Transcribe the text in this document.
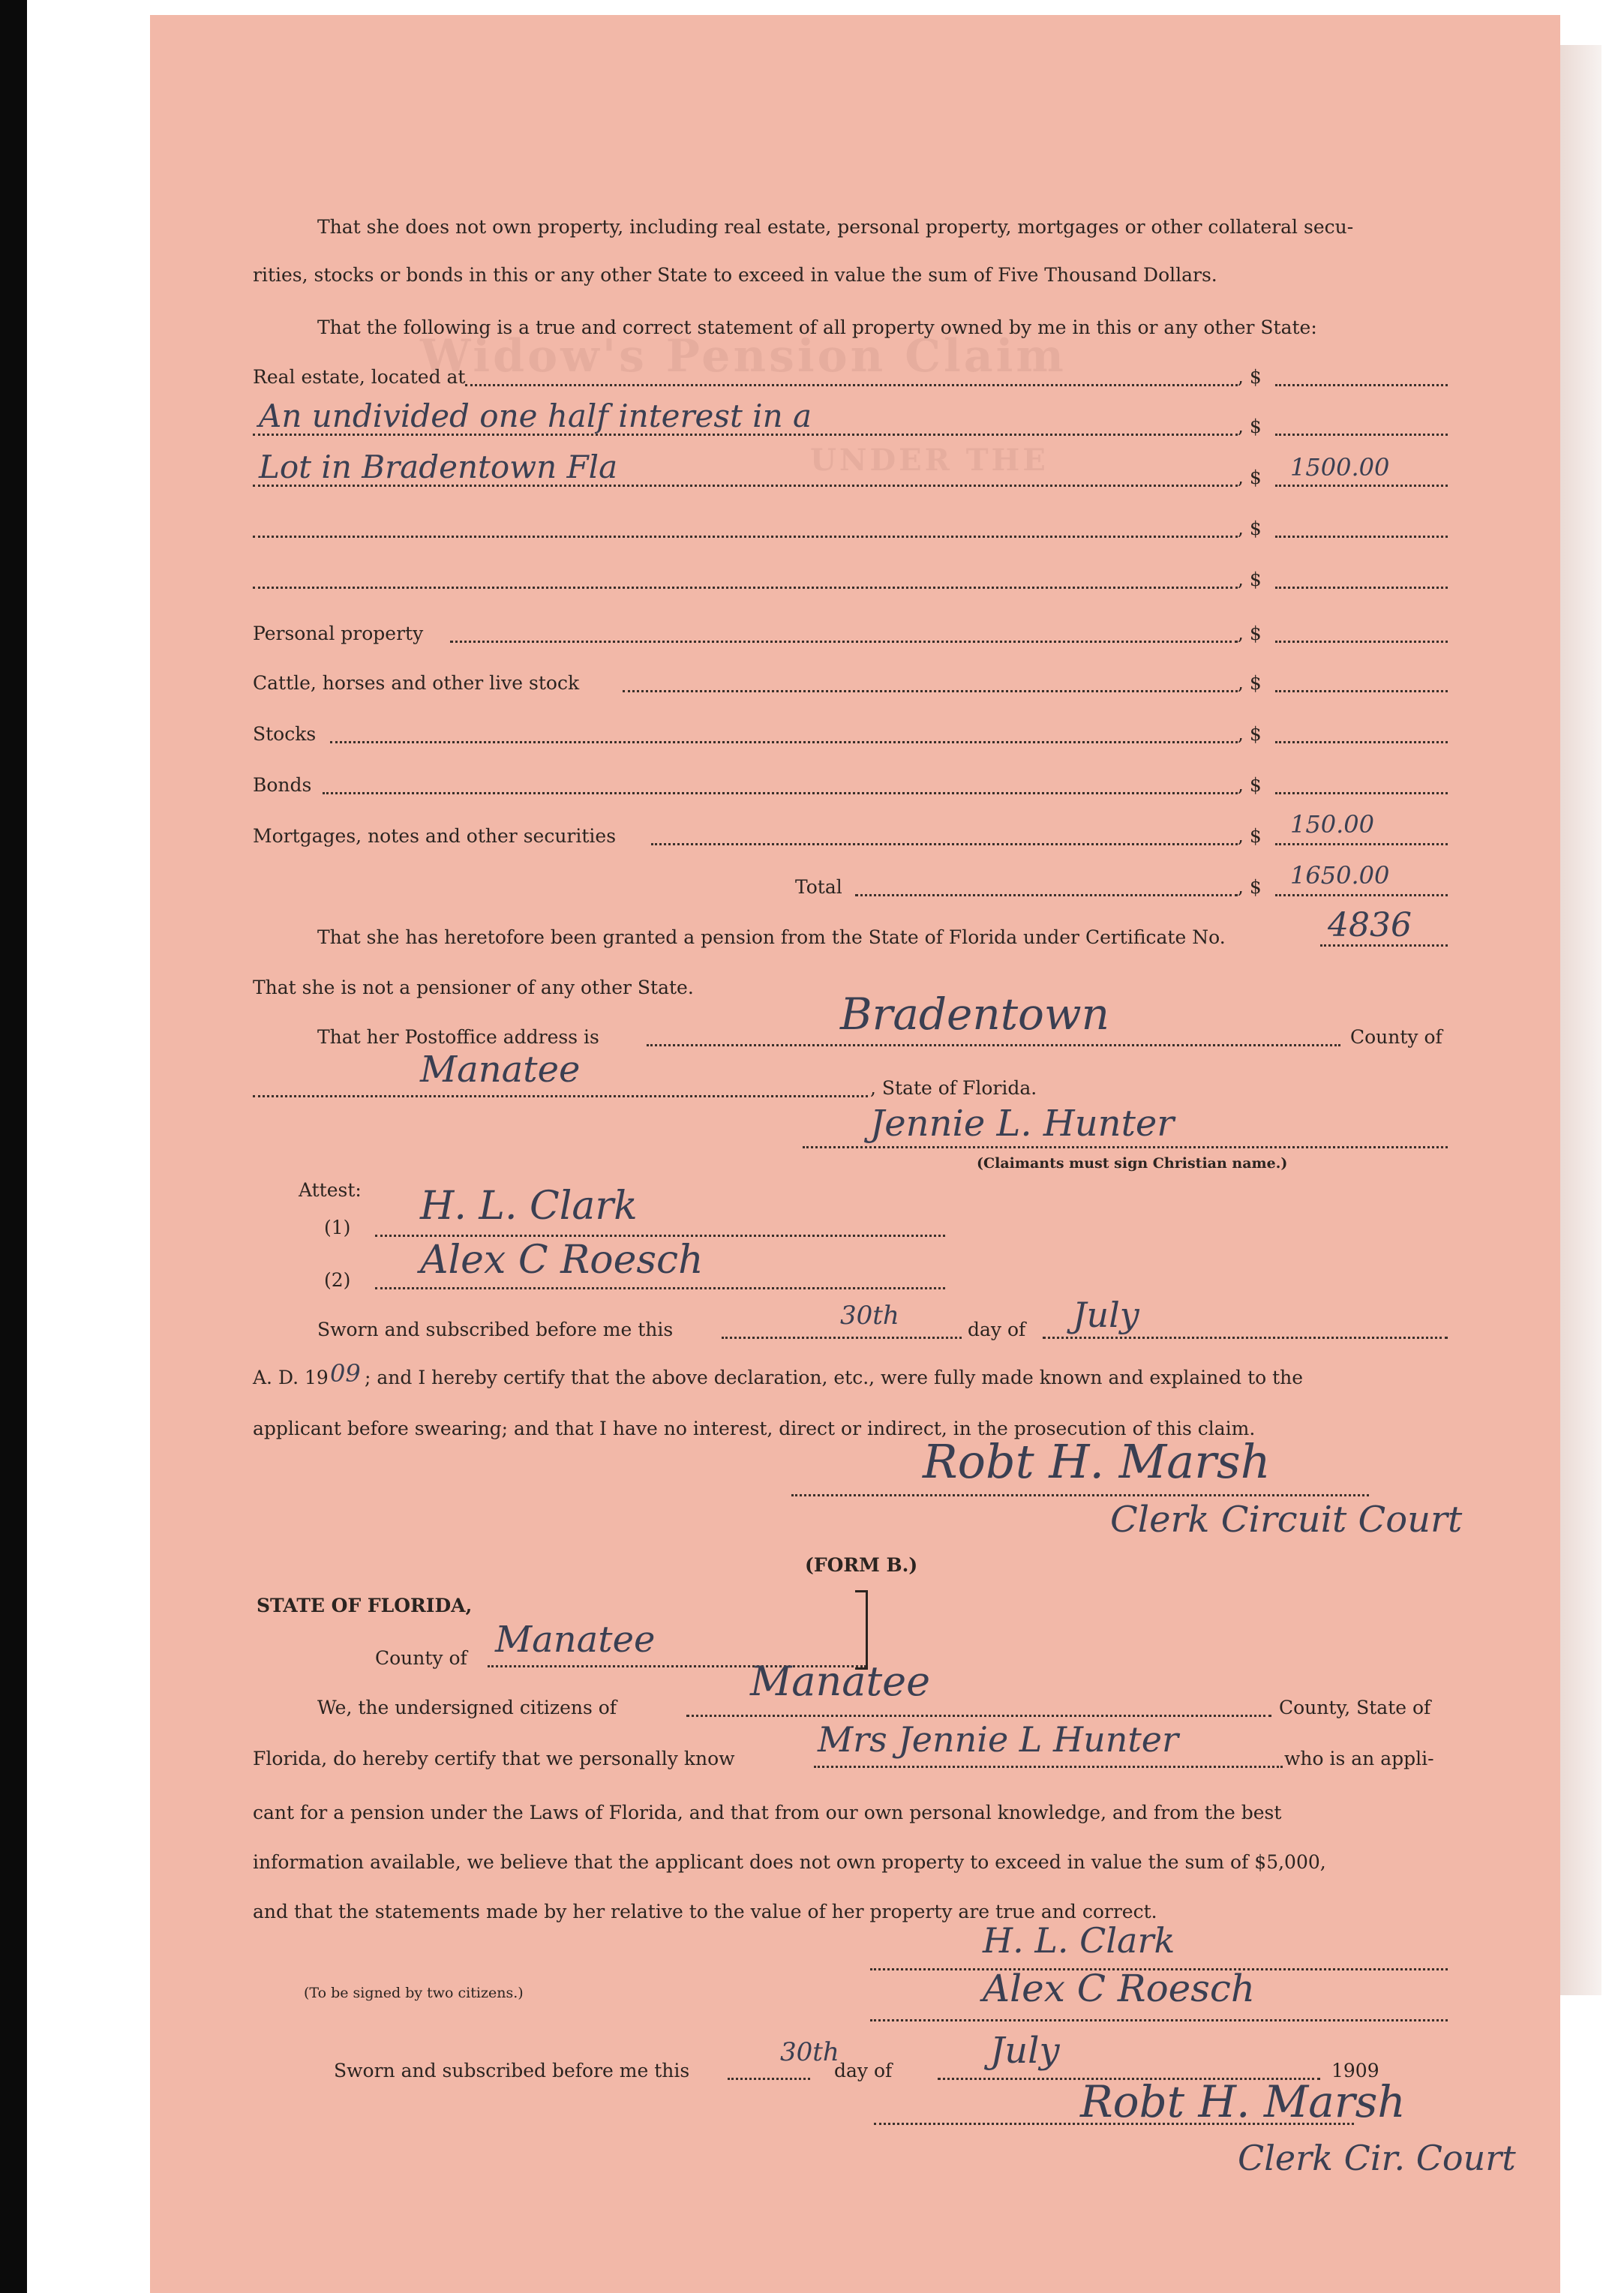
Widow's Pension Claim
UNDER THE
That she does not own property, including real estate, personal property, mortgages or other collateral secu-
rities, stocks or bonds in this or any other State to exceed in value the sum of Five Thousand Dollars.
That the following is a true and correct statement of all property owned by me in this or any other State:
Real estate, located at	, $
An undivided one half interest in a	, $
Lot in Bradentown Fla	, $ 1500.00
, $
, $
Personal property	, $
Cattle, horses and other live stock	, $
Stocks	, $
Bonds	, $
Mortgages, notes and other securities	, $ 150.00
Total	, $ 1650.00
That she has heretofore been granted a pension from the State of Florida under Certificate No.	4836
That she is not a pensioner of any other State.
That her Postoffice address is	Bradentown	County of
Manatee	, State of Florida.
Jennie L. Hunter
(Claimants must sign Christian name.)
Attest:
(1) H. L. Clark
(2) Alex C Roesch
Sworn and subscribed before me this	30th	day of July
A. D. 19 09 ; and I hereby certify that the above declaration, etc., were fully made known and explained to the
applicant before swearing; and that I have no interest, direct or indirect, in the prosecution of this claim.
Robt H. Marsh
Clerk Circuit Court
(FORM B.)
STATE OF FLORIDA,
County of Manatee
We, the undersigned citizens of
Manatee
County, State of
Florida, do hereby certify that we personally know Mrs Jennie L Hunter	who is an appli-
cant for a pension under the Laws of Florida, and that from our own personal knowledge, and from the best
information available, we believe that the applicant does not own property to exceed in value the sum of $5,000,
and that the statements made by her relative to the value of her property are true and correct.
H. L. Clark
(To be signed by two citizens.)	Alex C Roesch
Sworn and subscribed before me this
30th
day of	July	1909
Robt H. Marsh
Clerk Cir. Court
